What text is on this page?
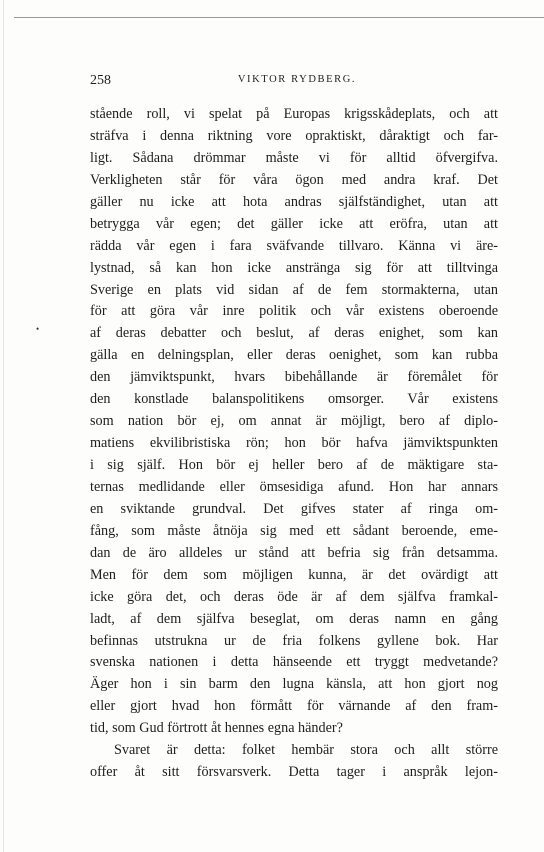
258	VIKTOR RYDBERG.
•
stående roll, vi spelat på Europas krigsskådeplats, och att
sträfva i denna riktning vore opraktiskt, dåraktigt och far-
ligt. Sådana drömmar måste vi för alltid öfvergifva.
Verkligheten står för våra ögon med andra kraf. Det
gäller nu icke att hota andras själfständighet, utan att
betrygga vår egen; det gäller icke att eröfra, utan att
rädda vår egen i fara sväfvande tillvaro. Känna vi äre-
lystnad, så kan hon icke anstränga sig för att tilltvinga
Sverige en plats vid sidan af de fem stormakterna, utan
för att göra vår inre politik och vår existens oberoende
af deras debatter och beslut, af deras enighet, som kan
gälla en delningsplan, eller deras oenighet, som kan rubba
den jämviktspunkt, hvars bibehållande är föremålet för
den konstlade balanspolitikens omsorger. Vår existens
som nation bör ej, om annat är möjligt, bero af diplo-
matiens ekvilibristiska rön; hon bör hafva jämviktspunkten
i sig själf. Hon bör ej heller bero af de mäktigare sta-
ternas medlidande eller ömsesidiga afund. Hon har annars
en sviktande grundval. Det gifves stater af ringa om-
fång, som måste åtnöja sig med ett sådant beroende, eme-
dan de äro alldeles ur stånd att befria sig från detsamma.
Men för dem som möjligen kunna, är det ovärdigt att
icke göra det, och deras öde är af dem själfva framkal-
ladt, af dem själfva beseglat, om deras namn en gång
befinnas utstrukna ur de fria folkens gyllene bok. Har
svenska nationen i detta hänseende ett tryggt medvetande?
Äger hon i sin barm den lugna känsla, att hon gjort nog
eller gjort hvad hon förmått för värnande af den fram-
tid, som Gud förtrott åt hennes egna händer?
Svaret är detta: folket hembär stora och allt större
offer åt sitt försvarsverk. Detta tager i anspråk lejon-
